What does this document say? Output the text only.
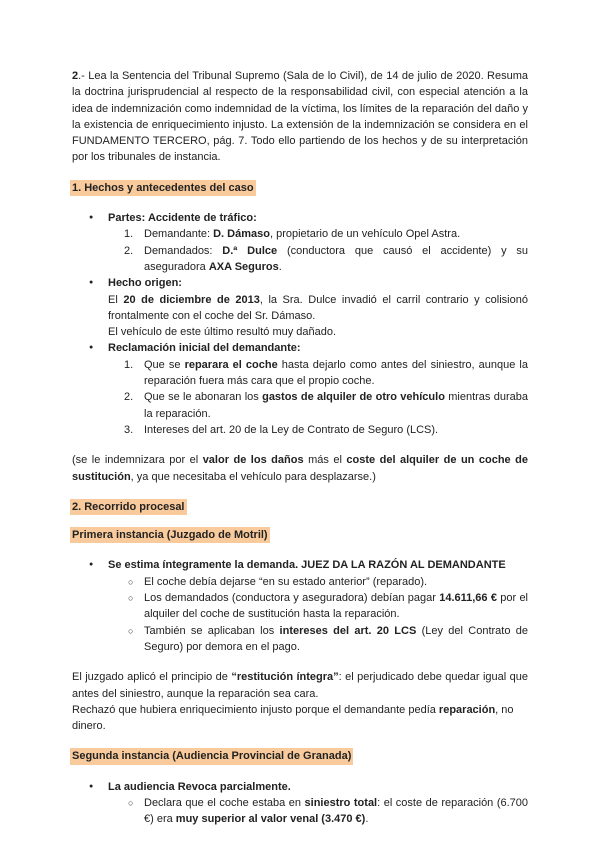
2.- Lea la Sentencia del Tribunal Supremo (Sala de lo Civil), de 14 de julio de 2020. Resuma la doctrina jurisprudencial al respecto de la responsabilidad civil, con especial atención a la idea de indemnización como indemnidad de la víctima, los límites de la reparación del daño y la existencia de enriquecimiento injusto. La extensión de la indemnización se considera en el FUNDAMENTO TERCERO, pág. 7. Todo ello partiendo de los hechos y de su interpretación por los tribunales de instancia.

1. Hechos y antecedentes del caso

● Partes: Accidente de tráfico:

1. Demandante: D. Dámaso, propietario de un vehículo Opel Astra.

2. Demandados: D.ª Dulce (conductora que causó el accidente) y su aseguradora AXA Seguros.

● Hecho origen:

El 20 de diciembre de 2013, la Sra. Dulce invadió el carril contrario y colisionó frontalmente con el coche del Sr. Dámaso.

El vehículo de este último resultó muy dañado.

● Reclamación inicial del demandante:

1. Que se reparara el coche hasta dejarlo como antes del siniestro, aunque la reparación fuera más cara que el propio coche.

2. Que se le abonaran los gastos de alquiler de otro vehículo mientras duraba la reparación.

3. Intereses del art. 20 de la Ley de Contrato de Seguro (LCS).

(se le indemnizara por el valor de los daños más el coste del alquiler de un coche de sustitución, ya que necesitaba el vehículo para desplazarse.)

2. Recorrido procesal

Primera instancia (Juzgado de Motril)

● Se estima íntegramente la demanda. JUEZ DA LA RAZÓN AL DEMANDANTE

○ El coche debía dejarse “en su estado anterior” (reparado).

○ Los demandados (conductora y aseguradora) debían pagar 14.611,66 € por el alquiler del coche de sustitución hasta la reparación.

○ También se aplicaban los intereses del art. 20 LCS (Ley del Contrato de Seguro) por demora en el pago.

El juzgado aplicó el principio de “restitución íntegra”: el perjudicado debe quedar igual que antes del siniestro, aunque la reparación sea cara.

Rechazó que hubiera enriquecimiento injusto porque el demandante pedía reparación, no dinero.

Segunda instancia (Audiencia Provincial de Granada)

● La audiencia Revoca parcialmente.

○ Declara que el coche estaba en siniestro total: el coste de reparación (6.700 €) era muy superior al valor venal (3.470 €).
